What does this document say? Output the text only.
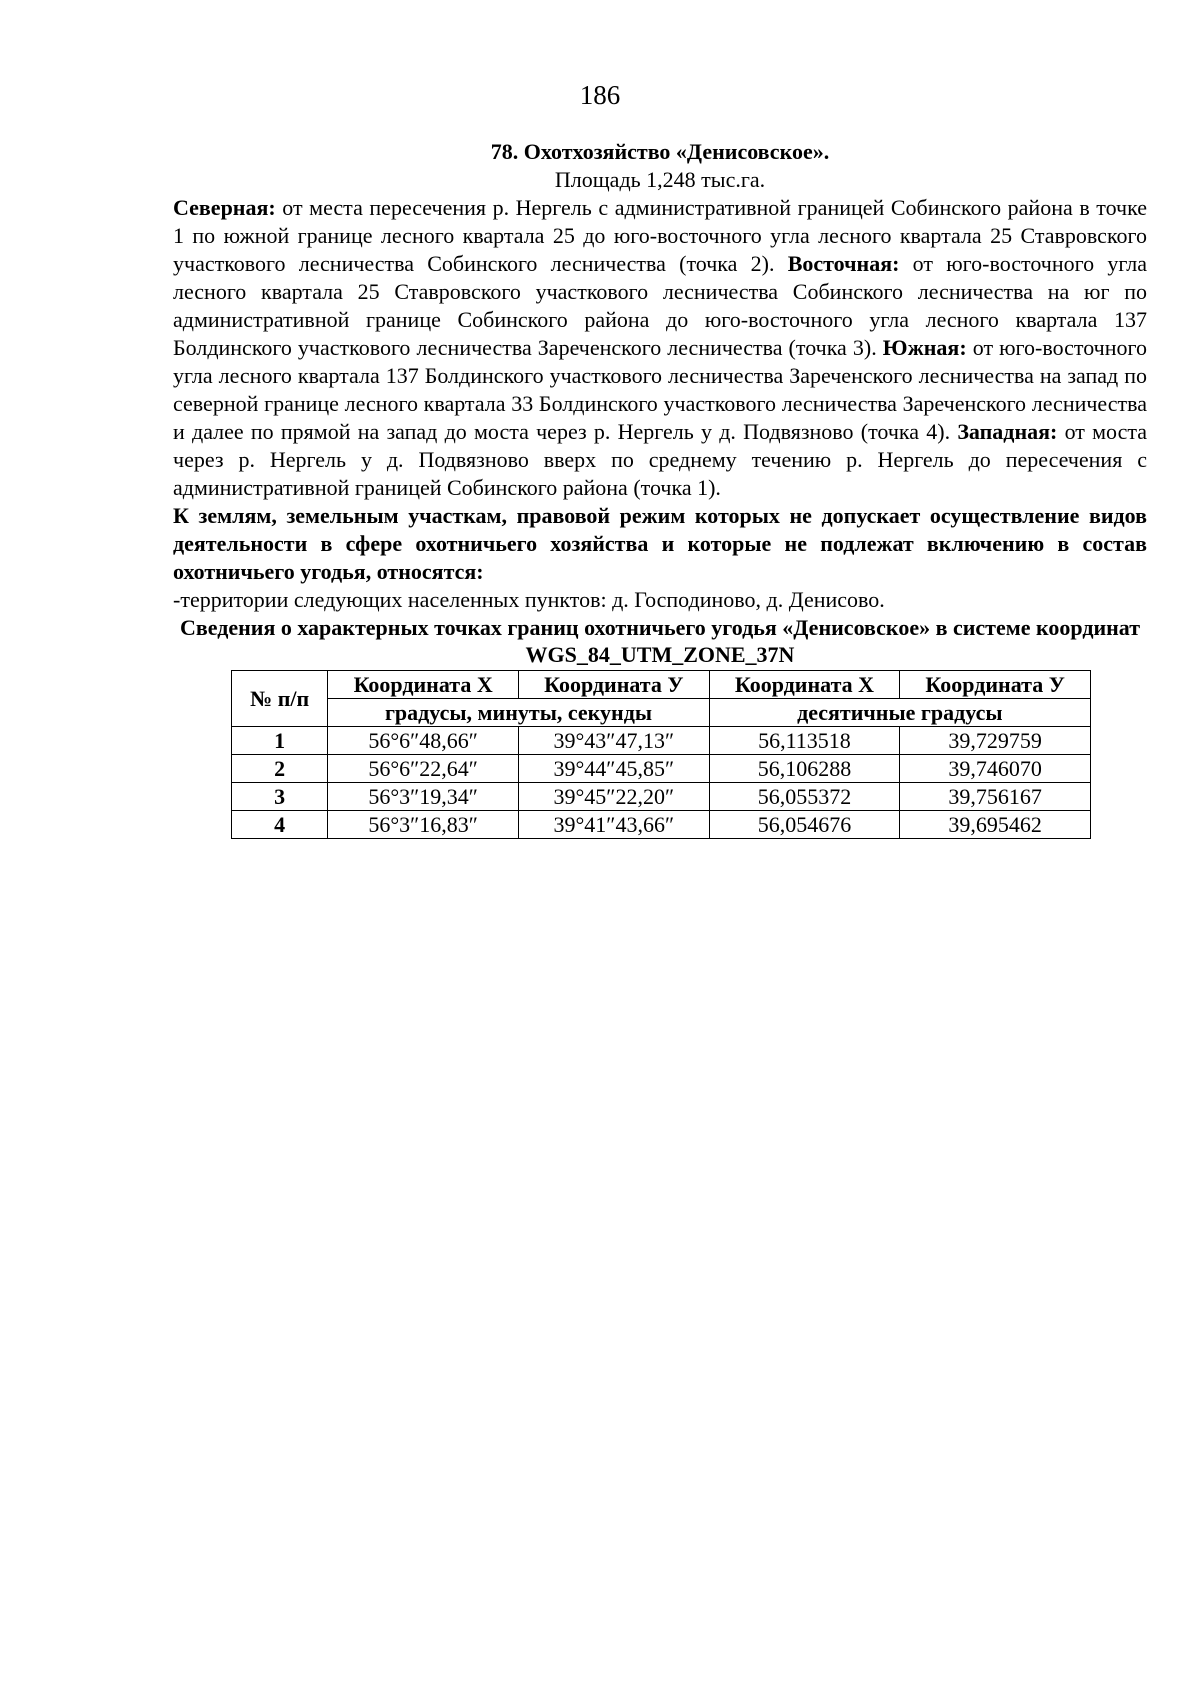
186

78. Охотхозяйство «Денисовское».

Площадь 1,248 тыс.га.

Северная: от места пересечения р. Нергель с административной границей Собинского района в точке 1 по южной границе лесного квартала 25 до юго-восточного угла лесного квартала 25 Ставровского участкового лесничества Собинского лесничества (точка 2). Восточная: от юго-восточного угла лесного квартала 25 Ставровского участкового лесничества Собинского лесничества на юг по административной границе Собинского района до юго-восточного угла лесного квартала 137 Болдинского участкового лесничества Зареченского лесничества (точка 3). Южная: от юго-восточного угла лесного квартала 137 Болдинского участкового лесничества Зареченского лесничества на запад по северной границе лесного квартала 33 Болдинского участкового лесничества Зареченского лесничества и далее по прямой на запад до моста через р. Нергель у д. Подвязново (точка 4). Западная: от моста через р. Нергель у д. Подвязново вверх по среднему течению р. Нергель до пересечения с административной границей Собинского района (точка 1).

К землям, земельным участкам, правовой режим которых не допускает осуществление видов деятельности в сфере охотничьего хозяйства и которые не подлежат включению в состав охотничьего угодья, относятся:

-территории следующих населенных пунктов: д. Господиново, д. Денисово.

Сведения о характерных точках границ охотничьего угодья «Денисовское» в системе координат WGS_84_UTM_ZONE_37N

№ п/п	Координата X	Координата У	Координата X	Координата У
	градусы, минуты, секунды		десятичные градусы	
1	56°6″48,66″	39°43″47,13″	56,113518	39,729759
2	56°6″22,64″	39°44″45,85″	56,106288	39,746070
3	56°3″19,34″	39°45″22,20″	56,055372	39,756167
4	56°3″16,83″	39°41″43,66″	56,054676	39,695462
